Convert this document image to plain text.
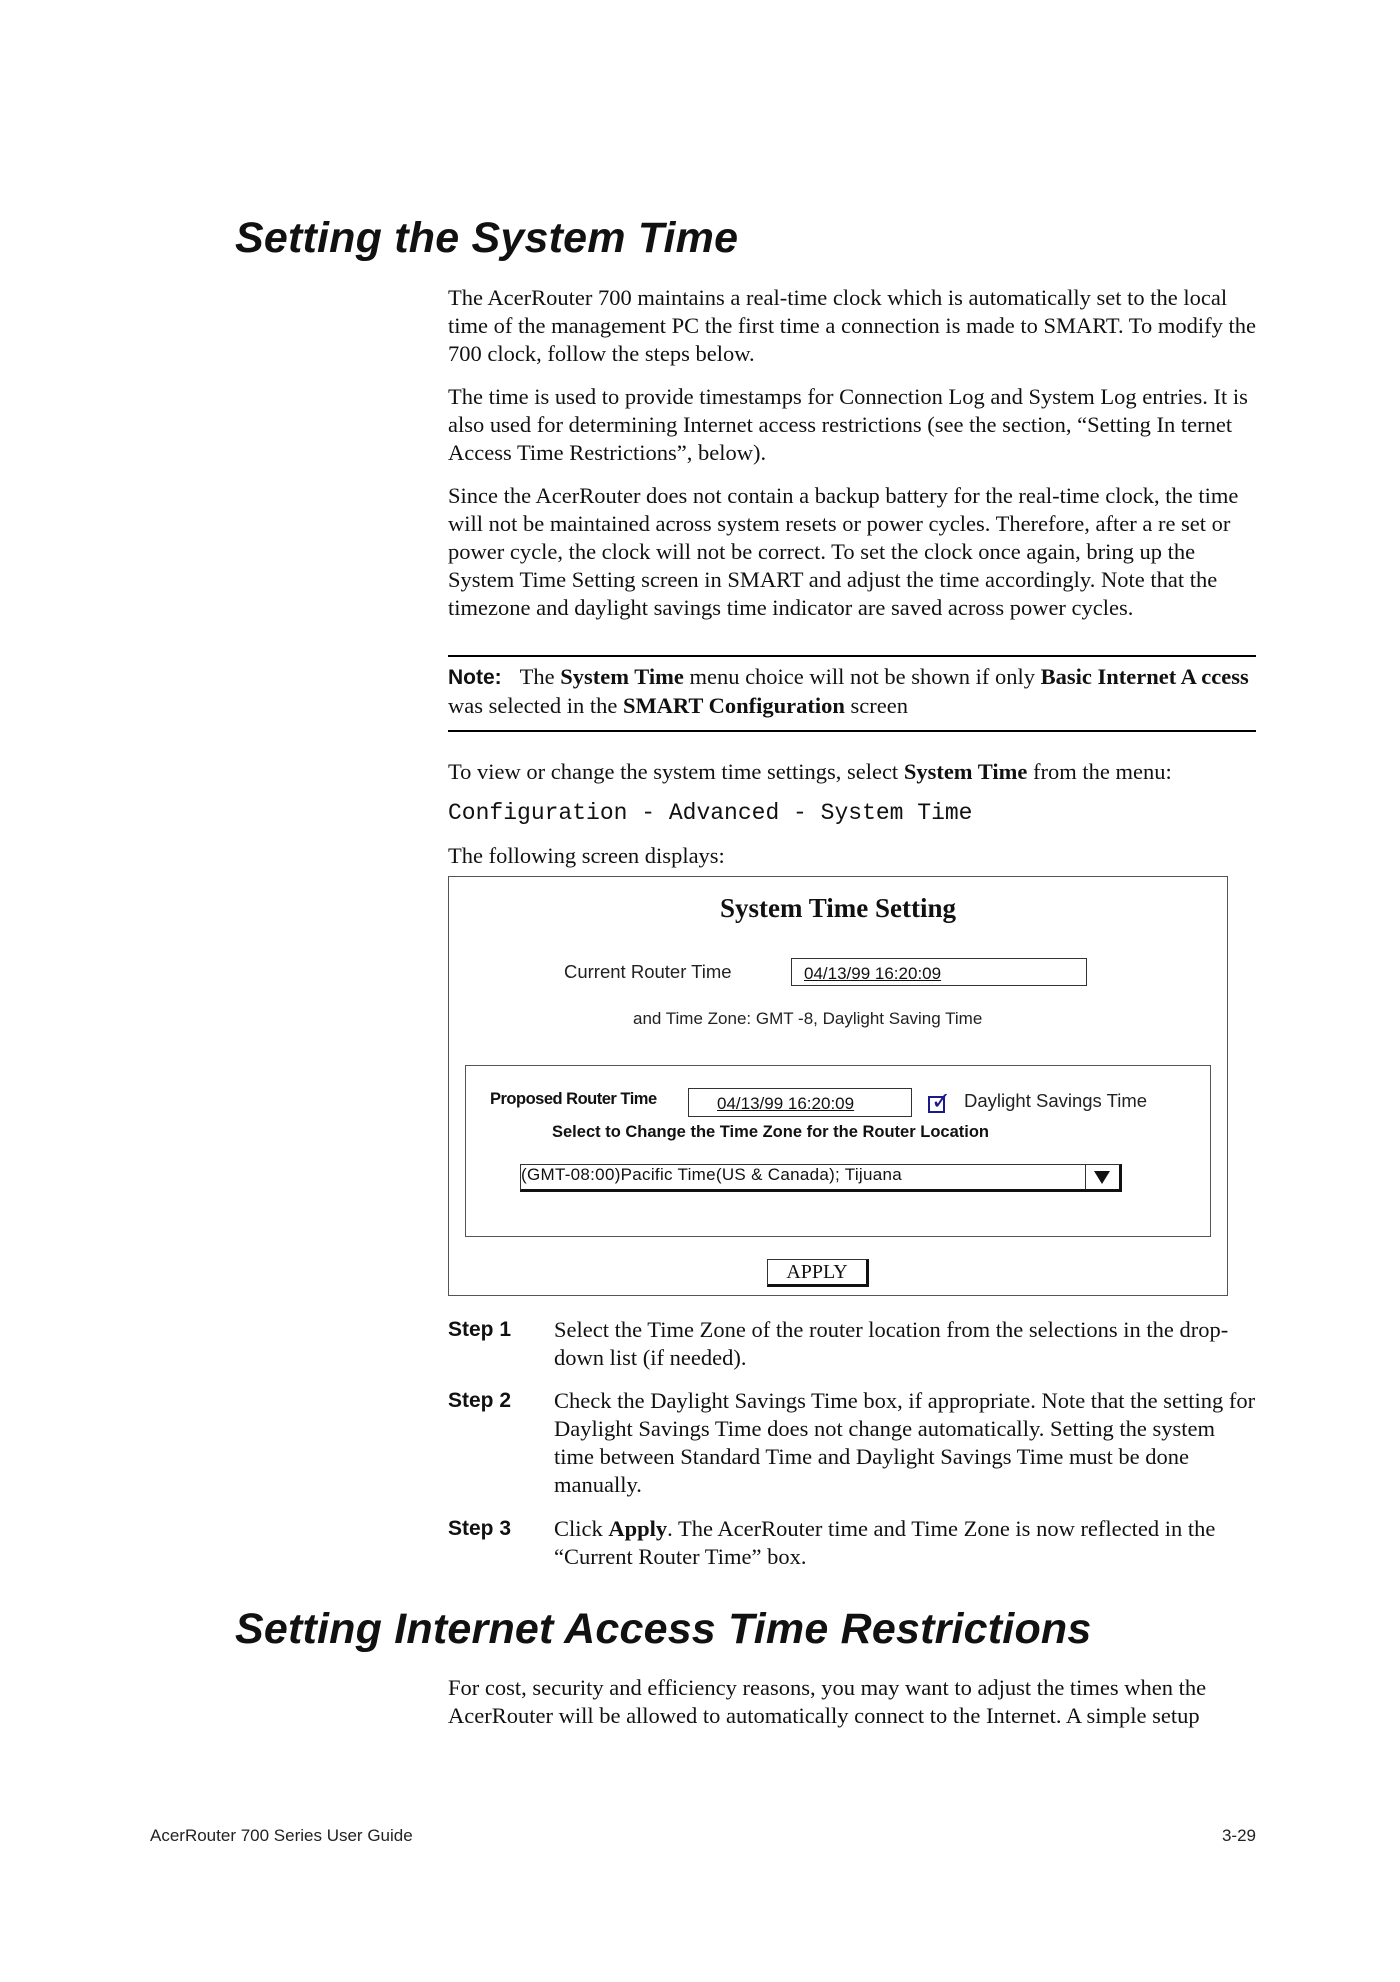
Setting the System Time

The AcerRouter 700 maintains a real-time clock which is automatically set to the local time of the management PC the first time a connection is made to SMART. To modify the 700 clock, follow the steps below.

The time is used to provide timestamps for Connection Log and System Log entries. It is also used for determining Internet access restrictions (see the section, “Setting In ternet Access Time Restrictions”, below).

Since the AcerRouter does not contain a backup battery for the real-time clock, the time will not be maintained across system resets or power cycles. Therefore, after a re set or power cycle, the clock will not be correct. To set the clock once again, bring up the System Time Setting screen in SMART and adjust the time accordingly. Note that the timezone and daylight savings time indicator are saved across power cycles.

Note: The System Time menu choice will not be shown if only Basic Internet A ccess was selected in the SMART Configuration screen

To view or change the system time settings, select System Time from the menu:

Configuration - Advanced - System Time

The following screen displays:

System Time Setting
Current Router Time	04/13/99 16:20:09
and Time Zone: GMT -8, Daylight Saving Time
Proposed Router Time	04/13/99 16:20:09	✓ Daylight Savings Time
Select to Change the Time Zone for the Router Location
(GMT-08:00)Pacific Time(US & Canada); Tijuana
APPLY
Step 1 Select the Time Zone of the router location from the selections in the drop-down list (if needed).

Step 2 Check the Daylight Savings Time box, if appropriate. Note that the setting for Daylight Savings Time does not change automatically. Setting the system time between Standard Time and Daylight Savings Time must be done manually.

Step 3 Click Apply. The AcerRouter time and Time Zone is now reflected in the “Current Router Time” box.

Setting Internet Access Time Restrictions

For cost, security and efficiency reasons, you may want to adjust the times when the AcerRouter will be allowed to automatically connect to the Internet. A simple setup

AcerRouter 700 Series User Guide	3-29
